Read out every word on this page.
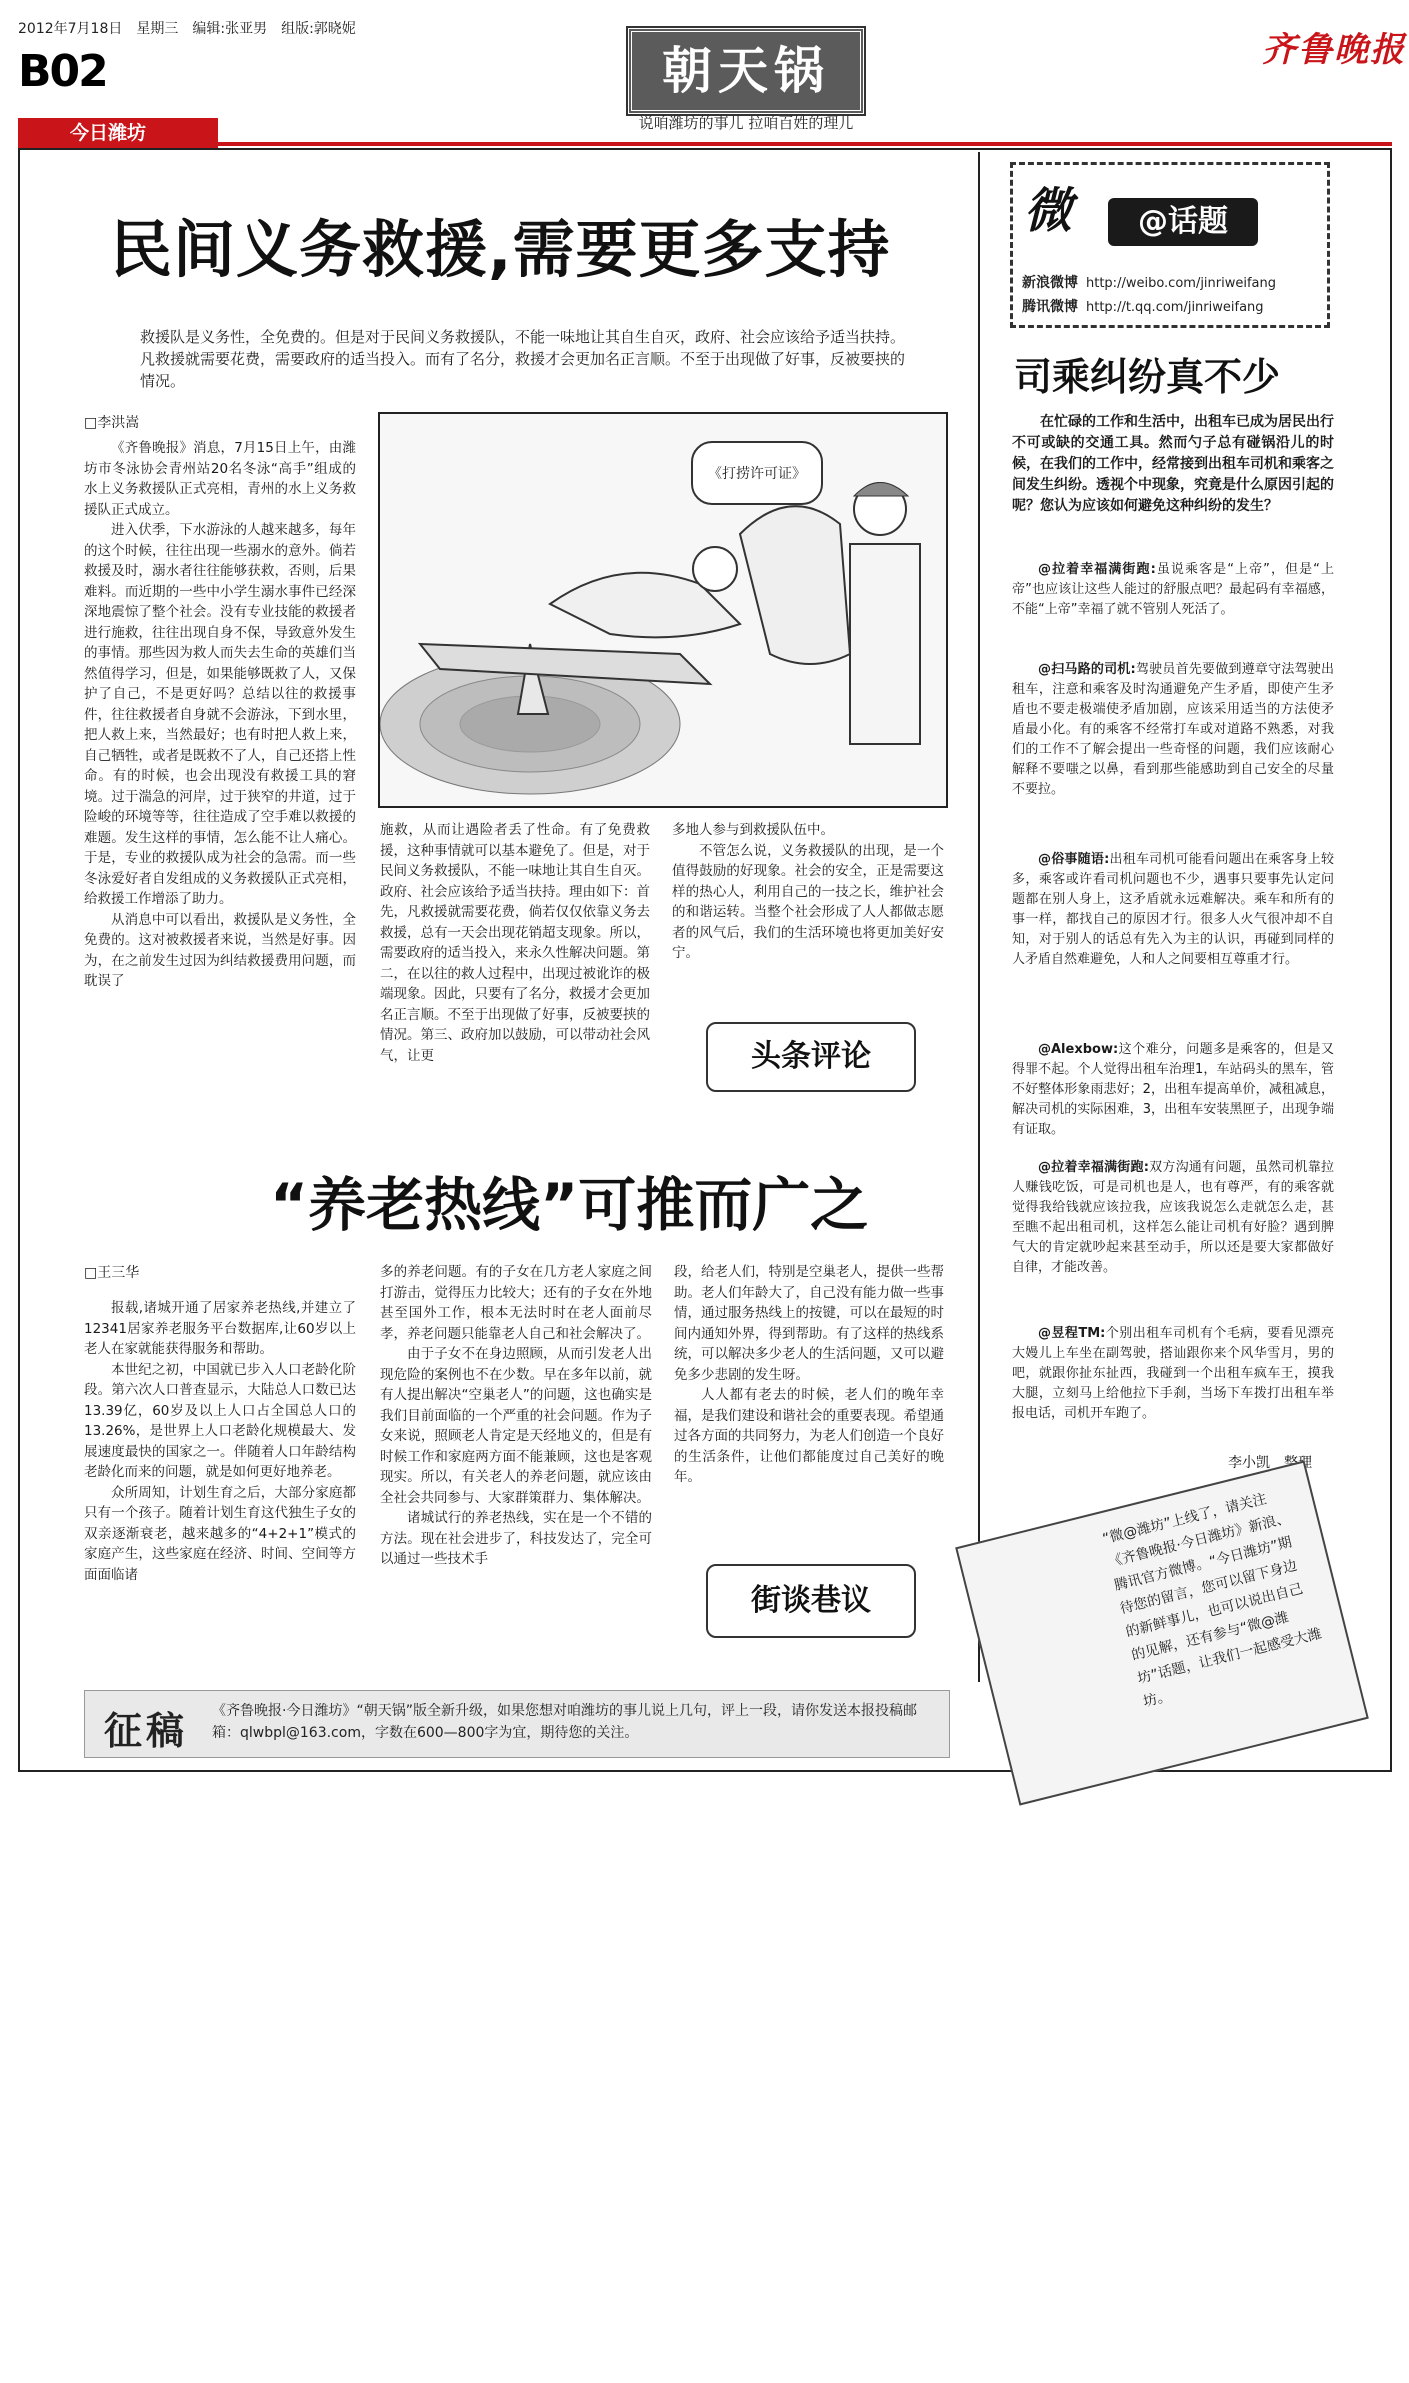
2012年7月18日　星期三　编辑:张亚男　组版:郭晓妮
B02
今日潍坊
朝天锅
说咱潍坊的事儿 拉咱百姓的理儿
齐鲁晚报
民间义务救援,需要更多支持
救援队是义务性，全免费的。但是对于民间义务救援队，不能一味地让其自生自灭，政府、社会应该给予适当扶持。凡救援就需要花费，需要政府的适当投入。而有了名分，救援才会更加名正言顺。不至于出现做了好事，反被要挟的情况。
□李洪嵩

《齐鲁晚报》消息，7月15日上午，由潍坊市冬泳协会青州站20名冬泳“高手”组成的水上义务救援队正式亮相，青州的水上义务救援队正式成立。

进入伏季，下水游泳的人越来越多，每年的这个时候，往往出现一些溺水的意外。倘若救援及时，溺水者往往能够获救，否则，后果难料。而近期的一些中小学生溺水事件已经深深地震惊了整个社会。没有专业技能的救援者进行施救，往往出现自身不保，导致意外发生的事情。那些因为救人而失去生命的英雄们当然值得学习，但是，如果能够既救了人，又保护了自己，不是更好吗？总结以往的救援事件，往往救援者自身就不会游泳，下到水里，把人救上来，当然最好；也有时把人救上来，自己牺牲，或者是既救不了人，自己还搭上性命。有的时候，也会出现没有救援工具的窘境。过于湍急的河岸，过于狭窄的井道，过于险峻的环境等等，往往造成了空手难以救援的难题。发生这样的事情，怎么能不让人痛心。于是，专业的救援队成为社会的急需。而一些冬泳爱好者自发组成的义务救援队正式亮相，给救援工作增添了助力。

从消息中可以看出，救援队是义务性，全免费的。这对被救援者来说，当然是好事。因为，在之前发生过因为纠结救援费用问题，而耽误了

《打捞许可证》

施救，从而让遇险者丢了性命。有了免费救援，这种事情就可以基本避免了。但是，对于民间义务救援队，不能一味地让其自生自灭。政府、社会应该给予适当扶持。理由如下：首先，凡救援就需要花费，倘若仅仅依靠义务去救援，总有一天会出现花销超支现象。所以，需要政府的适当投入，来永久性解决问题。第二，在以往的救人过程中，出现过被讹诈的极端现象。因此，只要有了名分，救援才会更加名正言顺。不至于出现做了好事，反被要挟的情况。第三、政府加以鼓励，可以带动社会风气，让更

多地人参与到救援队伍中。

不管怎么说，义务救援队的出现，是一个值得鼓励的好现象。社会的安全，正是需要这样的热心人，利用自己的一技之长，维护社会的和谐运转。当整个社会形成了人人都做志愿者的风气后，我们的生活环境也将更加美好安宁。

头条评论
“养老热线”可推而广之
□王三华

报载,诸城开通了居家养老热线,并建立了12341居家养老服务平台数据库,让60岁以上老人在家就能获得服务和帮助。

本世纪之初，中国就已步入人口老龄化阶段。第六次人口普查显示，大陆总人口数已达13.39亿，60岁及以上人口占全国总人口的13.26%，是世界上人口老龄化规模最大、发展速度最快的国家之一。伴随着人口年龄结构老龄化而来的问题，就是如何更好地养老。

众所周知，计划生育之后，大部分家庭都只有一个孩子。随着计划生育这代独生子女的双亲逐渐衰老，越来越多的“4+2+1”模式的家庭产生，这些家庭在经济、时间、空间等方面面临诸

多的养老问题。有的子女在几方老人家庭之间打游击，觉得压力比较大；还有的子女在外地甚至国外工作，根本无法时时在老人面前尽孝，养老问题只能靠老人自己和社会解决了。

由于子女不在身边照顾，从而引发老人出现危险的案例也不在少数。早在多年以前，就有人提出解决“空巢老人”的问题，这也确实是我们目前面临的一个严重的社会问题。作为子女来说，照顾老人肯定是天经地义的，但是有时候工作和家庭两方面不能兼顾，这也是客观现实。所以，有关老人的养老问题，就应该由全社会共同参与、大家群策群力、集体解决。

诸城试行的养老热线，实在是一个不错的方法。现在社会进步了，科技发达了，完全可以通过一些技术手

段，给老人们，特别是空巢老人，提供一些帮助。老人们年龄大了，自己没有能力做一些事情，通过服务热线上的按键，可以在最短的时间内通知外界，得到帮助。有了这样的热线系统，可以解决多少老人的生活问题，又可以避免多少悲剧的发生呀。

人人都有老去的时候，老人们的晚年幸福，是我们建设和谐社会的重要表现。希望通过各方面的共同努力，为老人们创造一个良好的生活条件，让他们都能度过自己美好的晚年。

街谈巷议
微	@话题
新浪微博 http://weibo.com/jinriweifang
腾讯微博 http://t.qq.com/jinriweifang
司乘纠纷真不少
在忙碌的工作和生活中，出租车已成为居民出行不可或缺的交通工具。然而勺子总有碰锅沿儿的时候，在我们的工作中，经常接到出租车司机和乘客之间发生纠纷。透视个中现象，究竟是什么原因引起的呢？您认为应该如何避免这种纠纷的发生？
@拉着幸福满街跑:虽说乘客是“上帝”，但是“上帝”也应该让这些人能过的舒服点吧？最起码有幸福感，不能“上帝”幸福了就不管别人死活了。
@扫马路的司机:驾驶员首先要做到遵章守法驾驶出租车，注意和乘客及时沟通避免产生矛盾，即使产生矛盾也不要走极端使矛盾加剧，应该采用适当的方法使矛盾最小化。有的乘客不经常打车或对道路不熟悉，对我们的工作不了解会提出一些奇怪的问题，我们应该耐心解释不要嗤之以鼻，看到那些能感助到自己安全的尽量不要拉。
@俗事随语:出租车司机可能看问题出在乘客身上较多，乘客或许看司机问题也不少，遇事只要事先认定问题都在别人身上，这矛盾就永远难解决。乘车和所有的事一样，都找自己的原因才行。很多人火气很冲却不自知，对于别人的话总有先入为主的认识，再碰到同样的人矛盾自然难避免，人和人之间要相互尊重才行。
@Alexbow:这个难分，问题多是乘客的，但是又得罪不起。个人觉得出租车治理1，车站码头的黑车，管不好整体形象雨悲好；2，出租车提高单价，减租减息，解决司机的实际困难，3，出租车安装黑匣子，出现争端有证取。
@拉着幸福满街跑:双方沟通有问题，虽然司机靠拉人赚钱吃饭，可是司机也是人，也有尊严，有的乘客就觉得我给钱就应该拉我，应该我说怎么走就怎么走，甚至瞧不起出租司机，这样怎么能让司机有好脸？遇到脾气大的肯定就吵起来甚至动手，所以还是要大家都做好自律，才能改善。
@昱程TM:个别出租车司机有个毛病，要看见漂亮大嫚儿上车坐在副驾驶，搭讪跟你来个风华雪月，男的吧，就跟你扯东扯西，我碰到一个出租车疯车王，摸我大腿，立刻马上给他拉下手刹，当场下车拨打出租车举报电话，司机开车跑了。
李小凯　整理
“微@潍坊”上线了，请关注《齐鲁晚报·今日潍坊》新浪、腾讯官方微博。“今日潍坊”期待您的留言，您可以留下身边的新鲜事儿，也可以说出自己的见解，还有参与“微@潍坊”话题，让我们一起感受大潍坊。
征稿 《齐鲁晚报·今日潍坊》“朝天锅”版全新升级，如果您想对咱潍坊的事儿说上几句，评上一段，请你发送本报投稿邮箱：qlwbpl@163.com，字数在600—800字为宜，期待您的关注。
